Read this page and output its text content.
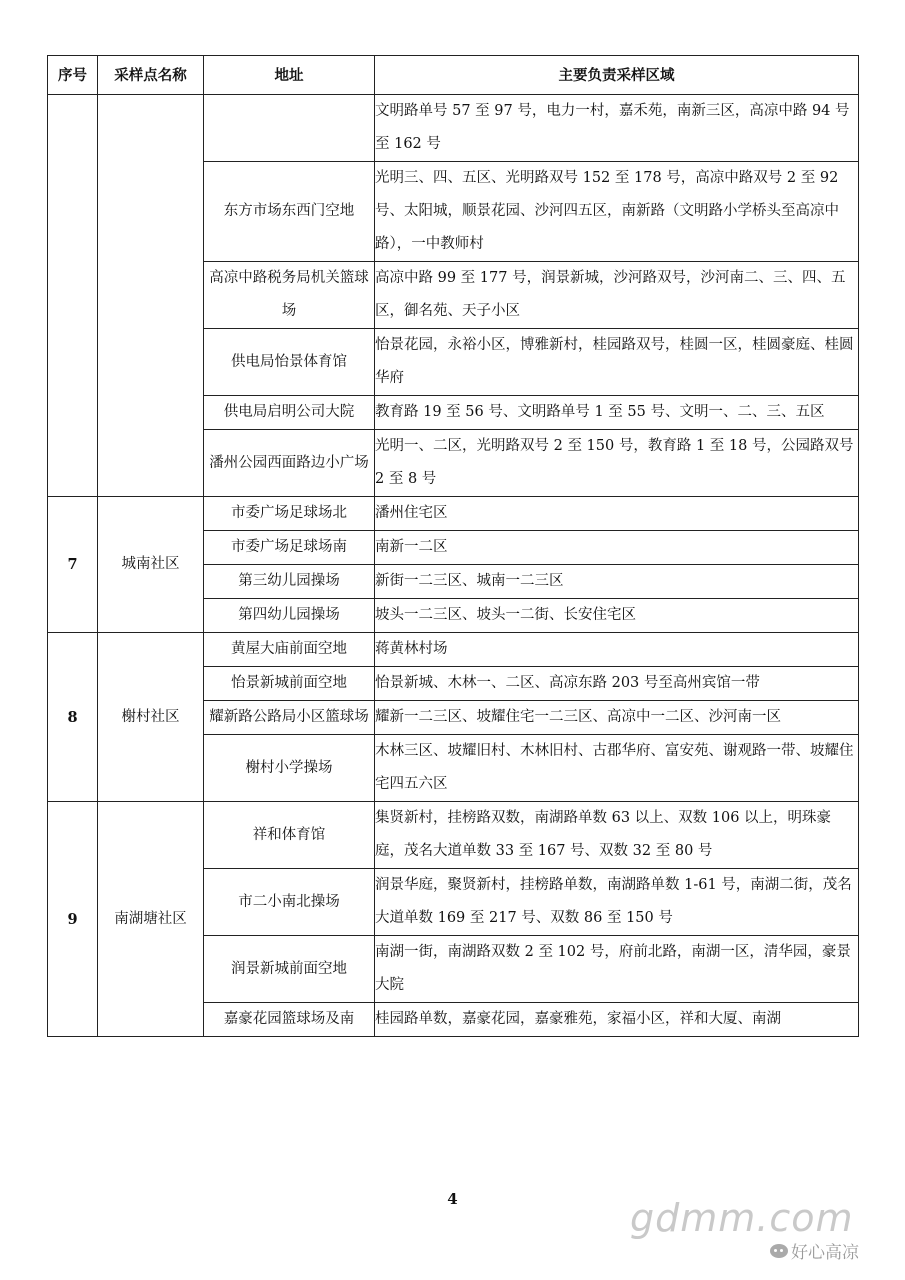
序号	采样点名称	地址	主要负责采样区域
			文明路单号 57 至 97 号，电力一村，嘉禾苑，南新三区，高凉中路 94 号至 162 号
		东方市场东西门空地	光明三、四、五区、光明路双号 152 至 178 号，高凉中路双号 2 至 92 号、太阳城，顺景花园、沙河四五区，南新路（文明路小学桥头至高凉中路），一中教师村
		高凉中路税务局机关篮球场	高凉中路 99 至 177 号，润景新城，沙河路双号，沙河南二、三、四、五区，御名苑、天子小区
		供电局怡景体育馆	怡景花园，永裕小区，博雅新村，桂园路双号，桂圆一区，桂圆豪庭、桂圆华府
		供电局启明公司大院	教育路 19 至 56 号、文明路单号 1 至 55 号、文明一、二、三、五区
		潘州公园西面路边小广场	光明一、二区，光明路双号 2 至 150 号，教育路 1 至 18 号，公园路双号 2 至 8 号
7	城南社区	市委广场足球场北	潘州住宅区
		市委广场足球场南	南新一二区
		第三幼儿园操场	新街一二三区、城南一二三区
		第四幼儿园操场	坡头一二三区、坡头一二街、长安住宅区
8	榭村社区	黄屋大庙前面空地	蒋黄林村场
		怡景新城前面空地	怡景新城、木林一、二区、高凉东路 203 号至高州宾馆一带
		耀新路公路局小区篮球场	耀新一二三区、坡耀住宅一二三区、高凉中一二区、沙河南一区
		榭村小学操场	木林三区、坡耀旧村、木林旧村、古郡华府、富安苑、谢观路一带、坡耀住宅四五六区
9	南湖塘社区	祥和体育馆	集贤新村，挂榜路双数，南湖路单数 63 以上、双数 106 以上，明珠豪庭，茂名大道单数 33 至 167 号、双数 32 至 80 号
		市二小南北操场	润景华庭，聚贤新村，挂榜路单数，南湖路单数 1-61 号，南湖二街，茂名大道单数 169 至 217 号、双数 86 至 150 号
		润景新城前面空地	南湖一街，南湖路双数 2 至 102 号，府前北路，南湖一区，清华园，豪景大院
		嘉豪花园篮球场及南	桂园路单数，嘉豪花园，嘉豪雅苑，家福小区，祥和大厦、南湖
4	gdmm.com
好心高凉
